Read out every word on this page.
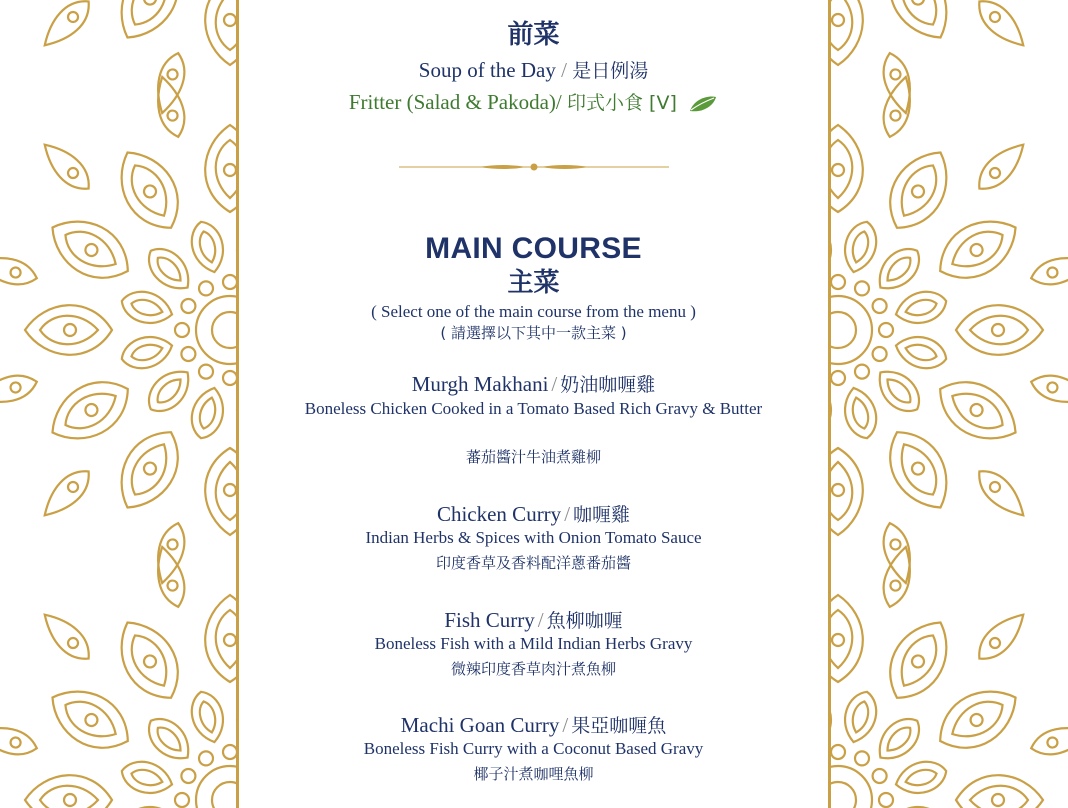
前菜
Soup of the Day / 是日例湯
Fritter (Salad & Pakoda)/ 印式小食 [V]
MAIN COURSE
主菜
( Select one of the main course from the menu )
( 請選擇以下其中一款主菜 )
Murgh Makhani / 奶油咖喱雞
Boneless Chicken Cooked in a Tomato Based Rich Gravy & Butter
蕃茄醬汁牛油煮雞柳
Chicken Curry / 咖喱雞
Indian Herbs & Spices with Onion Tomato Sauce
印度香草及香料配洋蔥番茄醬
Fish Curry / 魚柳咖喱
Boneless Fish with a Mild Indian Herbs Gravy
微辣印度香草肉汁煮魚柳
Machi Goan Curry / 果亞咖喱魚
Boneless Fish Curry with a Coconut Based Gravy
椰子汁煮咖哩魚柳
